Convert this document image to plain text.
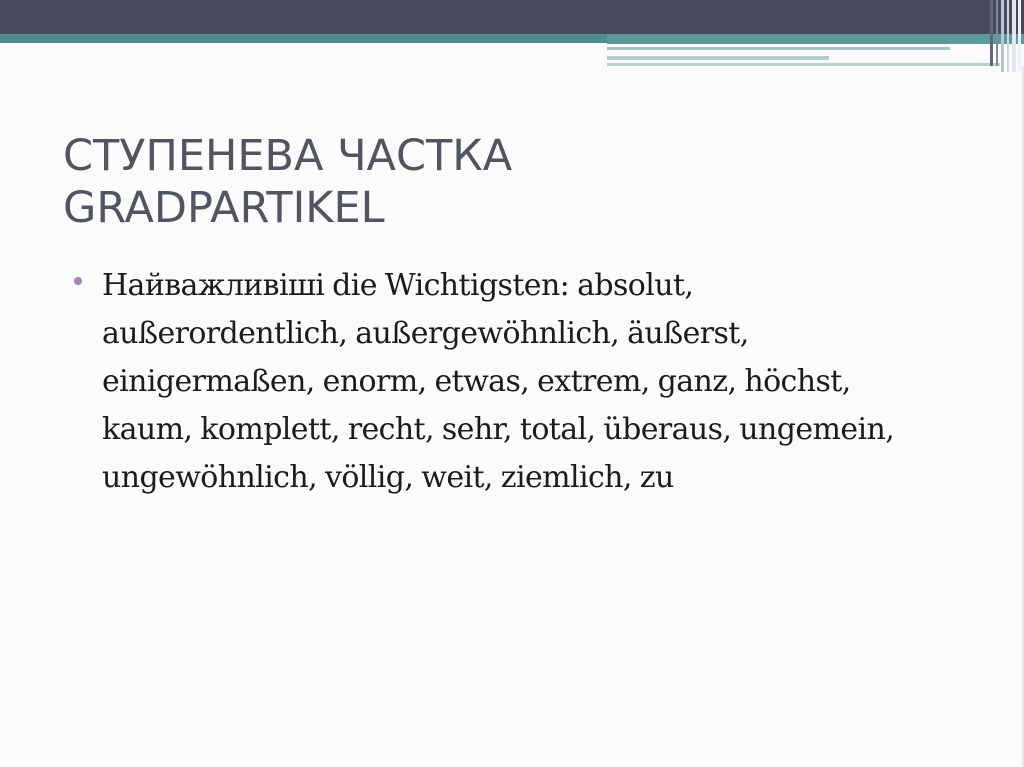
СТУПЕНЕВА ЧАСТКА
GRADPARTIKEL
Найважливіші die Wichtigsten: absolut, außerordentlich, außergewöhnlich, äußerst, einigermaßen, enorm, etwas, extrem, ganz, höchst, kaum, komplett, recht, sehr, total, überaus, ungemein, ungewöhnlich, völlig, weit, ziemlich, zu
